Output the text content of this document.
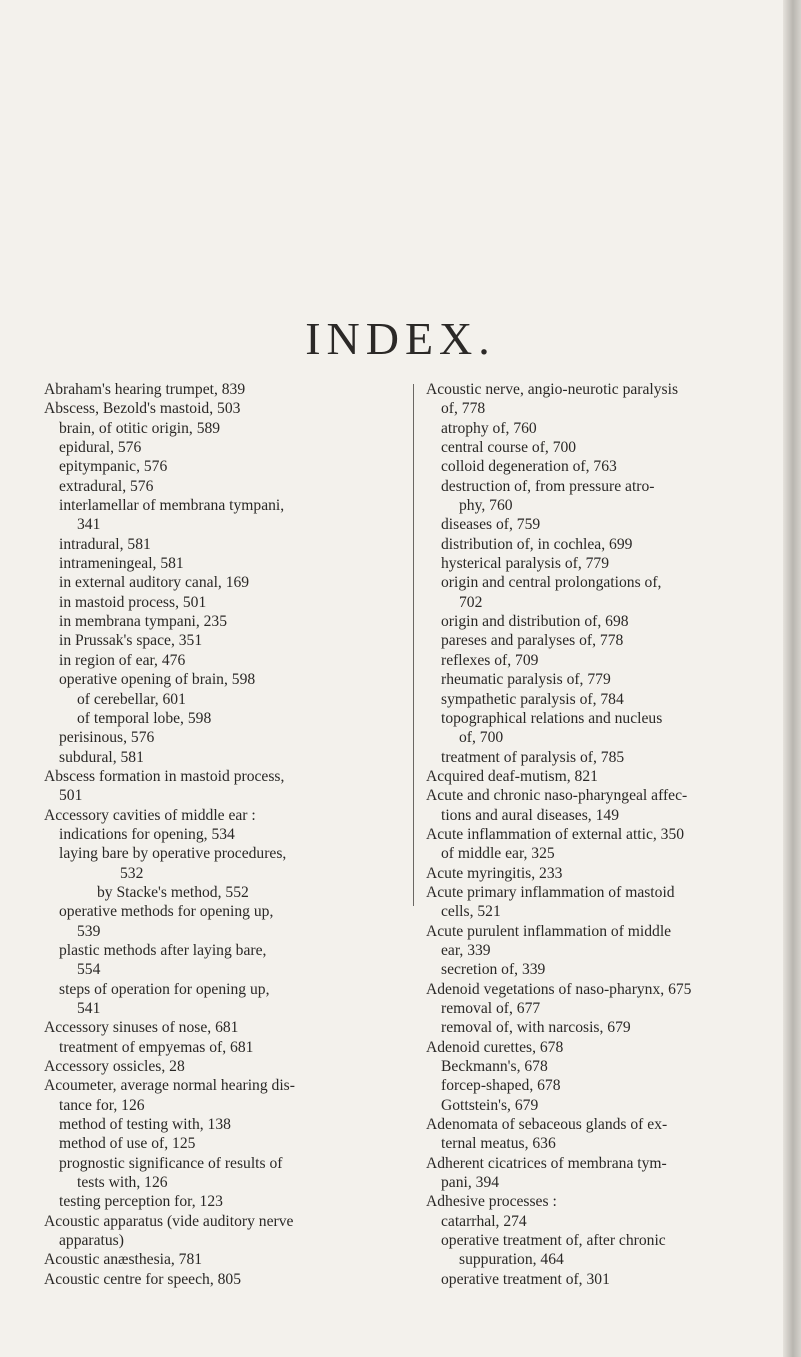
INDEX.
Abraham's hearing trumpet, 839
Abscess, Bezold's mastoid, 503
brain, of otitic origin, 589
epidural, 576
epitympanic, 576
extradural, 576
interlamellar of membrana tympani,
341
intradural, 581
intrameningeal, 581
in external auditory canal, 169
in mastoid process, 501
in membrana tympani, 235
in Prussak's space, 351
in region of ear, 476
operative opening of brain, 598
of cerebellar, 601
of temporal lobe, 598
perisinous, 576
subdural, 581
Abscess formation in mastoid process,
501
Accessory cavities of middle ear :
indications for opening, 534
laying bare by operative procedures,
532
by Stacke's method, 552
operative methods for opening up,
539
plastic methods after laying bare,
554
steps of operation for opening up,
541
Accessory sinuses of nose, 681
treatment of empyemas of, 681
Accessory ossicles, 28
Acoumeter, average normal hearing dis-
tance for, 126
method of testing with, 138
method of use of, 125
prognostic significance of results of
tests with, 126
testing perception for, 123
Acoustic apparatus (vide auditory nerve
apparatus)
Acoustic anæsthesia, 781
Acoustic centre for speech, 805
Acoustic nerve, angio-neurotic paralysis
of, 778
atrophy of, 760
central course of, 700
colloid degeneration of, 763
destruction of, from pressure atro-
phy, 760
diseases of, 759
distribution of, in cochlea, 699
hysterical paralysis of, 779
origin and central prolongations of,
702
origin and distribution of, 698
pareses and paralyses of, 778
reflexes of, 709
rheumatic paralysis of, 779
sympathetic paralysis of, 784
topographical relations and nucleus
of, 700
treatment of paralysis of, 785
Acquired deaf-mutism, 821
Acute and chronic naso-pharyngeal affec-
tions and aural diseases, 149
Acute inflammation of external attic, 350
of middle ear, 325
Acute myringitis, 233
Acute primary inflammation of mastoid
cells, 521
Acute purulent inflammation of middle
ear, 339
secretion of, 339
Adenoid vegetations of naso-pharynx, 675
removal of, 677
removal of, with narcosis, 679
Adenoid curettes, 678
Beckmann's, 678
forcep-shaped, 678
Gottstein's, 679
Adenomata of sebaceous glands of ex-
ternal meatus, 636
Adherent cicatrices of membrana tym-
pani, 394
Adhesive processes :
catarrhal, 274
operative treatment of, after chronic
suppuration, 464
operative treatment of, 301
